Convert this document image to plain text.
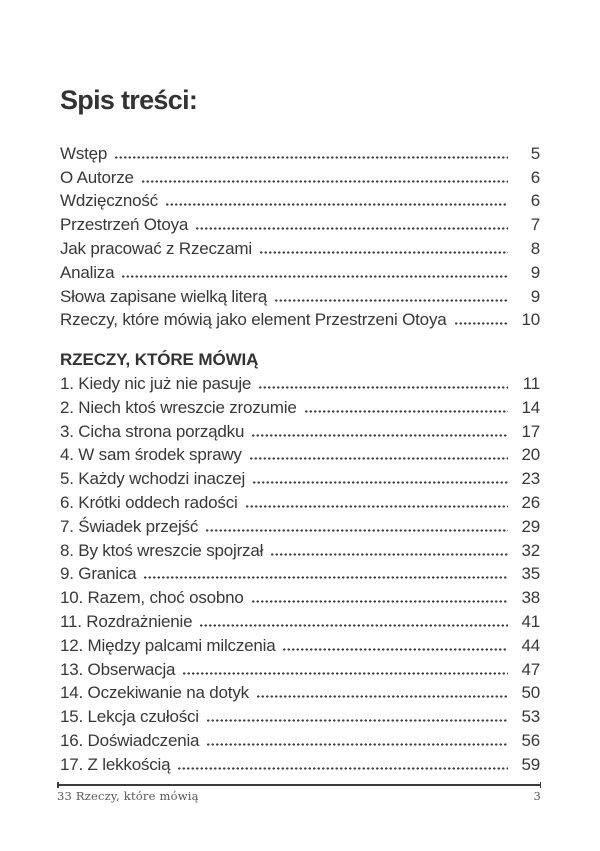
Spis treści:
Wstęp	5
O Autorze	6
Wdzięczność	6
Przestrzeń Otoya	7
Jak pracować z Rzeczami	8
Analiza	9
Słowa zapisane wielką literą	9
Rzeczy, które mówią jako element Przestrzeni Otoya	10
RZECZY, KTÓRE MÓWIĄ
1. Kiedy nic już nie pasuje	11
2. Niech ktoś wreszcie zrozumie	14
3. Cicha strona porządku	17
4. W sam środek sprawy	20
5. Każdy wchodzi inaczej	23
6. Krótki oddech radości	26
7. Świadek przejść	29
8. By ktoś wreszcie spojrzał	32
9. Granica	35
10. Razem, choć osobno	38
11. Rozdrażnienie	41
12. Między palcami milczenia	44
13. Obserwacja	47
14. Oczekiwanie na dotyk	50
15. Lekcja czułości	53
16. Doświadczenia	56
17. Z lekkością	59
33 Rzeczy, które mówią	3
